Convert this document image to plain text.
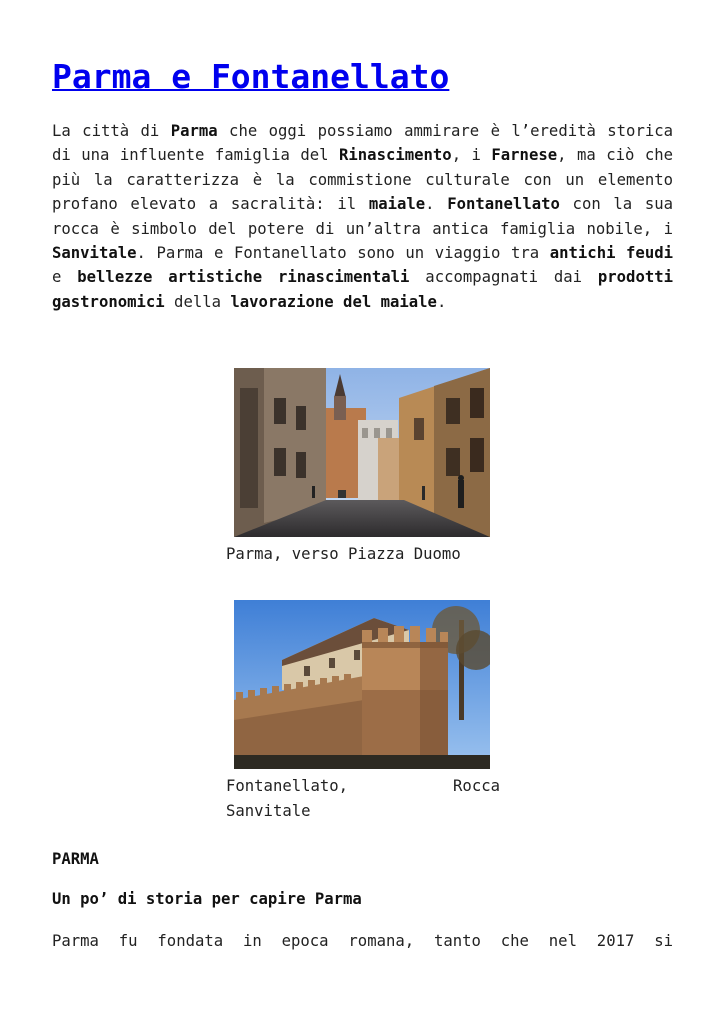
Parma e Fontanellato

La città di Parma che oggi possiamo ammirare è l’eredità storica di una influente famiglia del Rinascimento, i Farnese, ma ciò che più la caratterizza è la commistione culturale con un elemento profano elevato a sacralità: il maiale. Fontanellato con la sua rocca è simbolo del potere di un’altra antica famiglia nobile, i Sanvitale. Parma e Fontanellato sono un viaggio tra antichi feudi e bellezze artistiche rinascimentali accompagnati dai prodotti gastronomici della lavorazione del maiale.

Parma, verso Piazza Duomo

Fontanellato,	Rocca
Sanvitale

PARMA

Un po’ di storia per capire Parma

Parma fu fondata in epoca romana, tanto che nel 2017 si
